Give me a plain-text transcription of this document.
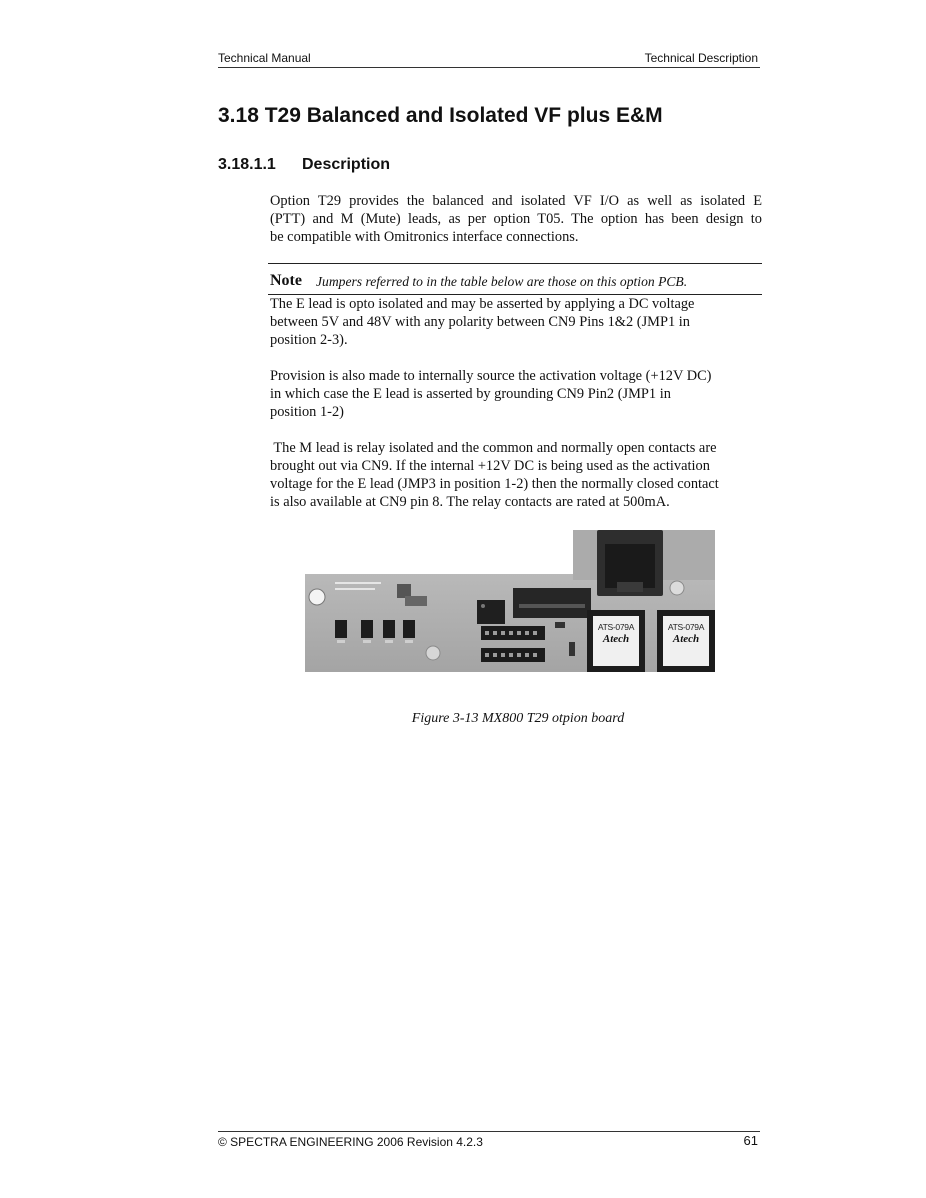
Technical Manual	Technical Description
3.18 T29 Balanced and Isolated VF plus E&M
3.18.1.1 Description
Option T29 provides the balanced and isolated VF I/O as well as isolated E
(PTT) and M (Mute) leads, as per option T05. The option has been design to
be compatible with Omitronics interface connections.
Note Jumpers referred to in the table below are those on this option PCB.
The E lead is opto isolated and may be asserted by applying a DC voltage
between 5V and 48V with any polarity between CN9 Pins 1&2 (JMP1 in
position 2-3).
Provision is also made to internally source the activation voltage (+12V DC)
in which case the E lead is asserted by grounding CN9 Pin2 (JMP1 in
position 1-2)
The M lead is relay isolated and the common and normally open contacts are
brought out via CN9. If the internal +12V DC is being used as the activation
voltage for the E lead (JMP3 in position 1-2) then the normally closed contact
is also available at CN9 pin 8. The relay contacts are rated at 500mA.
ATS-079A
Atech
ATS-079A
Atech
Figure 3-13 MX800 T29 otpion board
© SPECTRA ENGINEERING 2006 Revision 4.2.3	61
